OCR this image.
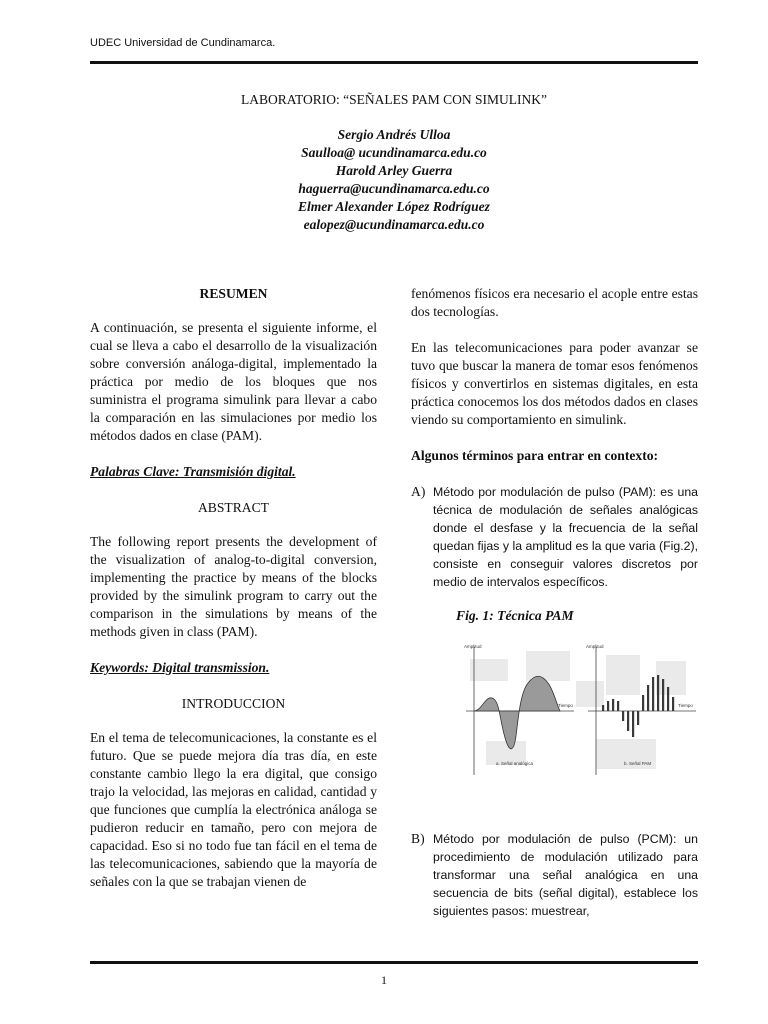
UDEC Universidad de Cundinamarca.
LABORATORIO: “SEÑALES PAM CON SIMULINK”
Sergio Andrés Ulloa
Saulloa@ ucundinamarca.edu.co
Harold Arley Guerra
haguerra@ucundinamarca.edu.co
Elmer Alexander López Rodríguez
ealopez@ucundinamarca.edu.co
RESUMEN

A continuación, se presenta el siguiente informe, el cual se lleva a cabo el desarrollo de la visualización sobre conversión análoga-digital, implementado la práctica por medio de los bloques que nos suministra el programa simulink para llevar a cabo la comparación en las simulaciones por medio los métodos dados en clase (PAM).

Palabras Clave: Transmisión digital.
ABSTRACT

The following report presents the development of the visualization of analog-to-digital conversion, implementing the practice by means of the blocks provided by the simulink program to carry out the comparison in the simulations by means of the methods given in class (PAM).

Keywords: Digital transmission.
INTRODUCCION

En el tema de telecomunicaciones, la constante es el futuro. Que se puede mejora día tras día, en este constante cambio llego la era digital, que consigo trajo la velocidad, las mejoras en calidad, cantidad y que funciones que cumplía la electrónica análoga se pudieron reducir en tamaño, pero con mejora de capacidad. Eso si no todo fue tan fácil en el tema de las telecomunicaciones, sabiendo que la mayoría de señales con la que se trabajan vienen de

fenómenos físicos era necesario el acople entre estas dos tecnologías.

En las telecomunicaciones para poder avanzar se tuvo que buscar la manera de tomar esos fenómenos físicos y convertirlos en sistemas digitales, en esta práctica conocemos los dos métodos dados en clases viendo su comportamiento en simulink.

Algunos términos para entrar en contexto:
A) Método por modulación de pulso (PAM): es una técnica de modulación de señales analógicas donde el desfase y la frecuencia de la señal quedan fijas y la amplitud es la que varia (Fig.2), consiste en conseguir valores discretos por medio de intervalos específicos.
Fig. 1: Técnica PAM
Amplitud
Tiempo
a. Señal analógica
Amplitud
Tiempo
b. Señal PAM
B) Método por modulación de pulso (PCM): un procedimiento de modulación utilizado para transformar una señal analógica en una secuencia de bits (señal digital), establece los siguientes pasos: muestrear,
1
